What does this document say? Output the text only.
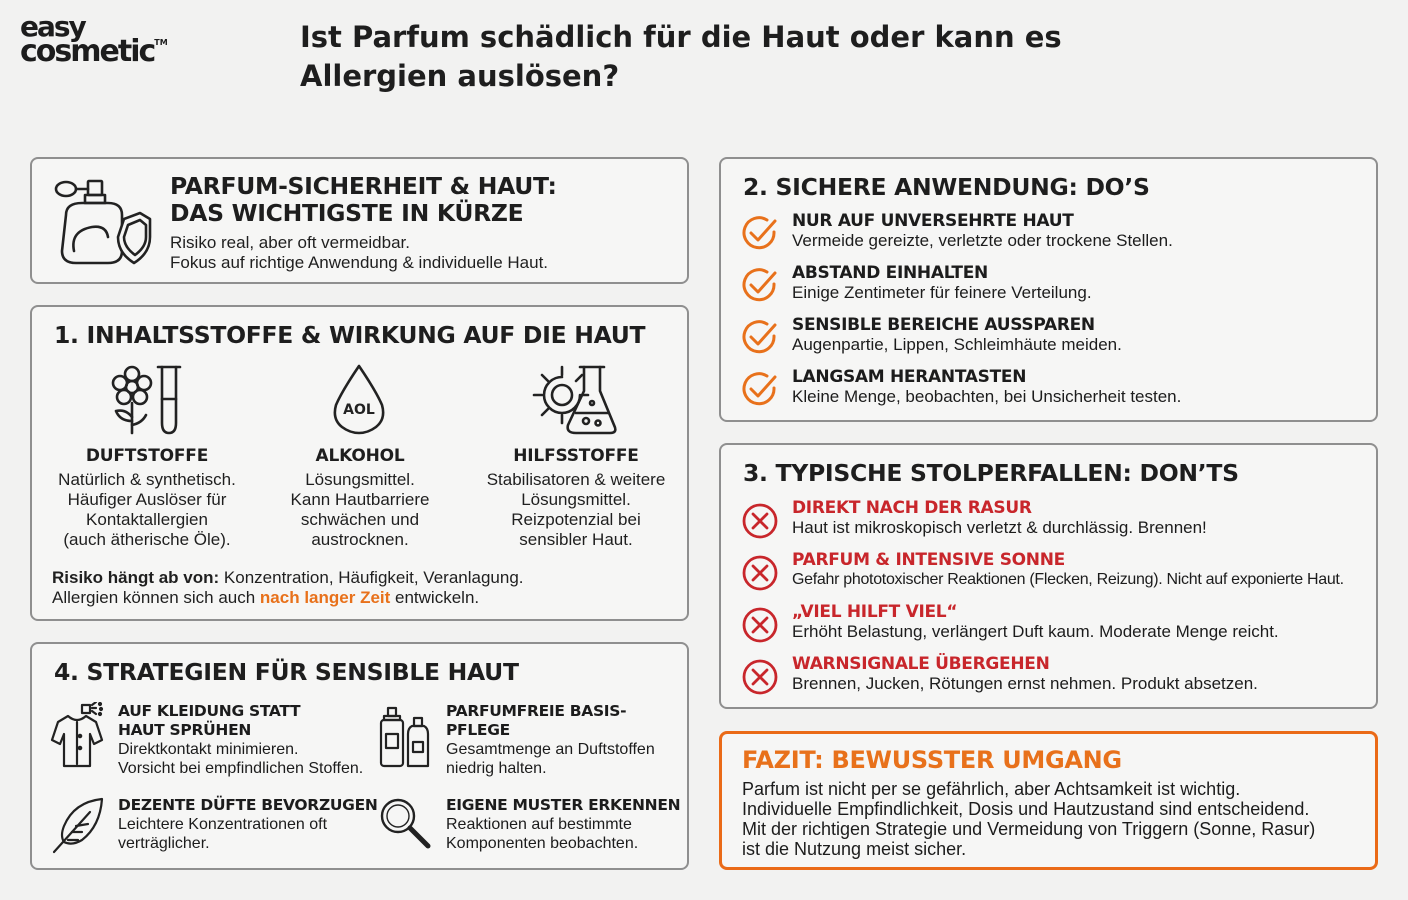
easy
cosmetic™	Ist Parfum schädlich für die Haut oder kann es Allergien auslösen?
PARFUM-SICHERHEIT & HAUT:
DAS WICHTIGSTE IN KÜRZE
Risiko real, aber oft vermeidbar.
Fokus auf richtige Anwendung & individuelle Haut.
1. INHALTSSTOFFE & WIRKUNG AUF DIE HAUT
DUFTSTOFFE
Natürlich & synthetisch.
Häufiger Auslöser für
Kontaktallergien
(auch ätherische Öle).
AOL
ALKOHOL
Lösungsmittel.
Kann Hautbarriere
schwächen und
austrocknen.
HILFSSTOFFE
Stabilisatoren & weitere
Lösungsmittel.
Reizpotenzial bei
sensibler Haut.
Risiko hängt ab von: Konzentration, Häufigkeit, Veranlagung.
Allergien können sich auch nach langer Zeit entwickeln.
4. STRATEGIEN FÜR SENSIBLE HAUT
AUF KLEIDUNG STATT
HAUT SPRÜHEN
Direktkontakt minimieren.
Vorsicht bei empfindlichen Stoffen.
PARFUMFREIE BASIS-
PFLEGE
Gesamtmenge an Duftstoffen
niedrig halten.
DEZENTE DÜFTE BEVORZUGEN
Leichtere Konzentrationen oft
verträglicher.
EIGENE MUSTER ERKENNEN
Reaktionen auf bestimmte
Komponenten beobachten.
2. SICHERE ANWENDUNG: DO’S
NUR AUF UNVERSEHRTE HAUT
Vermeide gereizte, verletzte oder trockene Stellen.
ABSTAND EINHALTEN
Einige Zentimeter für feinere Verteilung.
SENSIBLE BEREICHE AUSSPAREN
Augenpartie, Lippen, Schleimhäute meiden.
LANGSAM HERANTASTEN
Kleine Menge, beobachten, bei Unsicherheit testen.
3. TYPISCHE STOLPERFALLEN: DON’TS
DIREKT NACH DER RASUR
Haut ist mikroskopisch verletzt & durchlässig. Brennen!
PARFUM & INTENSIVE SONNE
Gefahr phototoxischer Reaktionen (Flecken, Reizung). Nicht auf exponierte Haut.
„VIEL HILFT VIEL“
Erhöht Belastung, verlängert Duft kaum. Moderate Menge reicht.
WARNSIGNALE ÜBERGEHEN
Brennen, Jucken, Rötungen ernst nehmen. Produkt absetzen.
FAZIT: BEWUSSTER UMGANG
Parfum ist nicht per se gefährlich, aber Achtsamkeit ist wichtig.
Individuelle Empfindlichkeit, Dosis und Hautzustand sind entscheidend.
Mit der richtigen Strategie und Vermeidung von Triggern (Sonne, Rasur)
ist die Nutzung meist sicher.
